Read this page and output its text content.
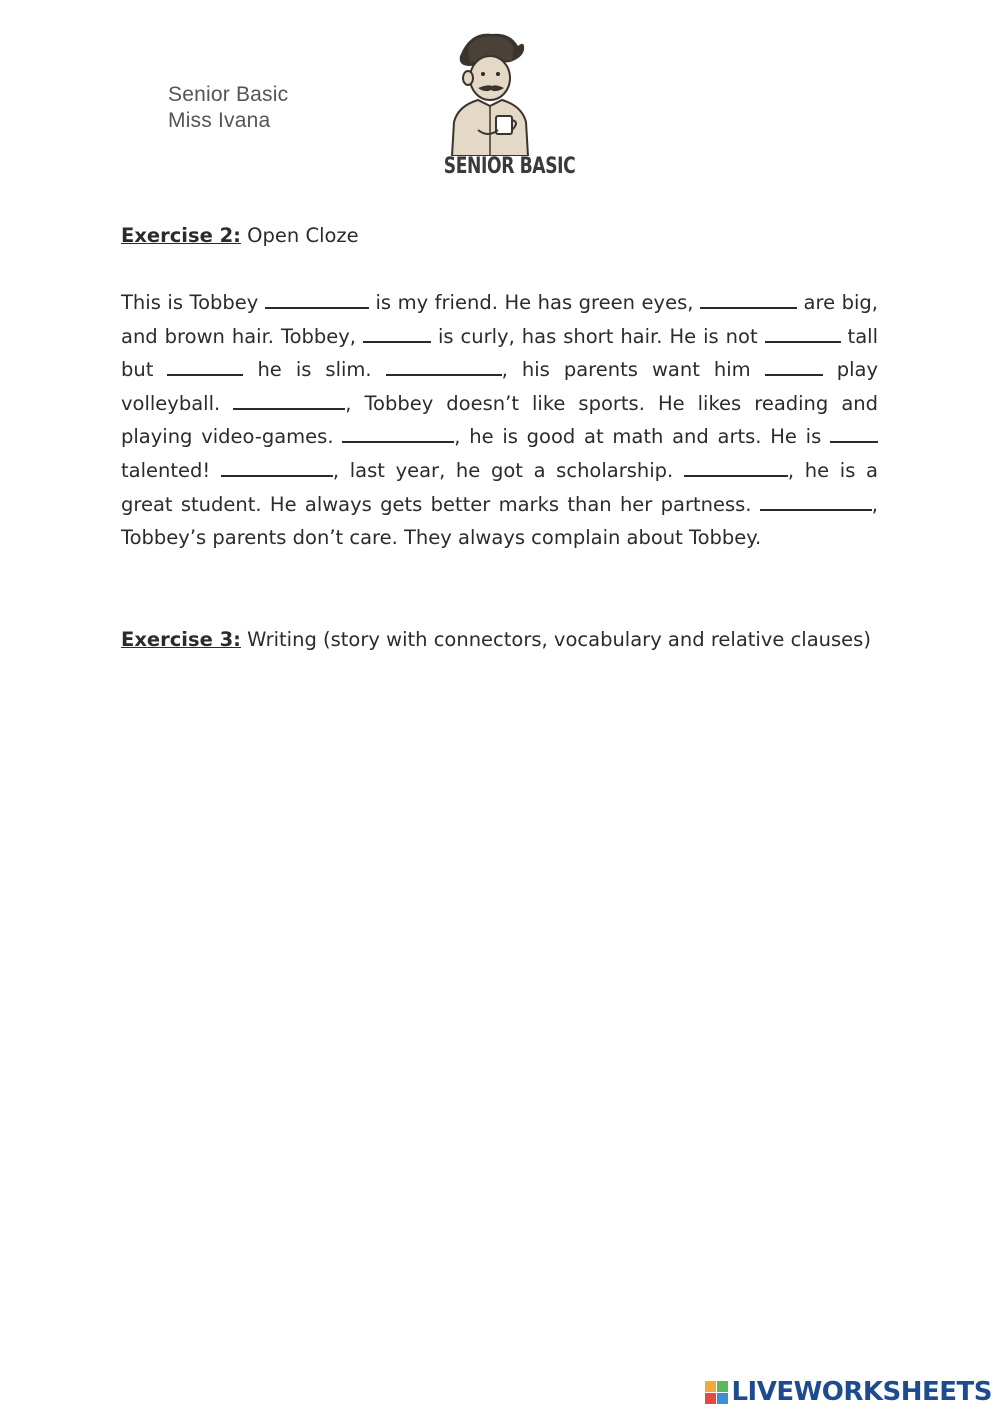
Senior Basic
Miss Ivana
SENIOR BASIC
Exercise 2: Open Cloze
This is Tobbey	is my friend. He has green eyes,	are big, and brown hair. Tobbey,	is curly, has short hair. He is not	tall but	he is slim.	, his parents want him	play volleyball.	, Tobbey doesn’t like sports. He likes reading and playing video-games.	, he is good at math and arts. He is  talented!	, last year, he got a scholarship.	, he is a great student. He always gets better marks than her partness.	, Tobbey’s parents don’t care. They always complain about Tobbey.
Exercise 3: Writing (story with connectors, vocabulary and relative clauses)
LIVEWORKSHEETS
